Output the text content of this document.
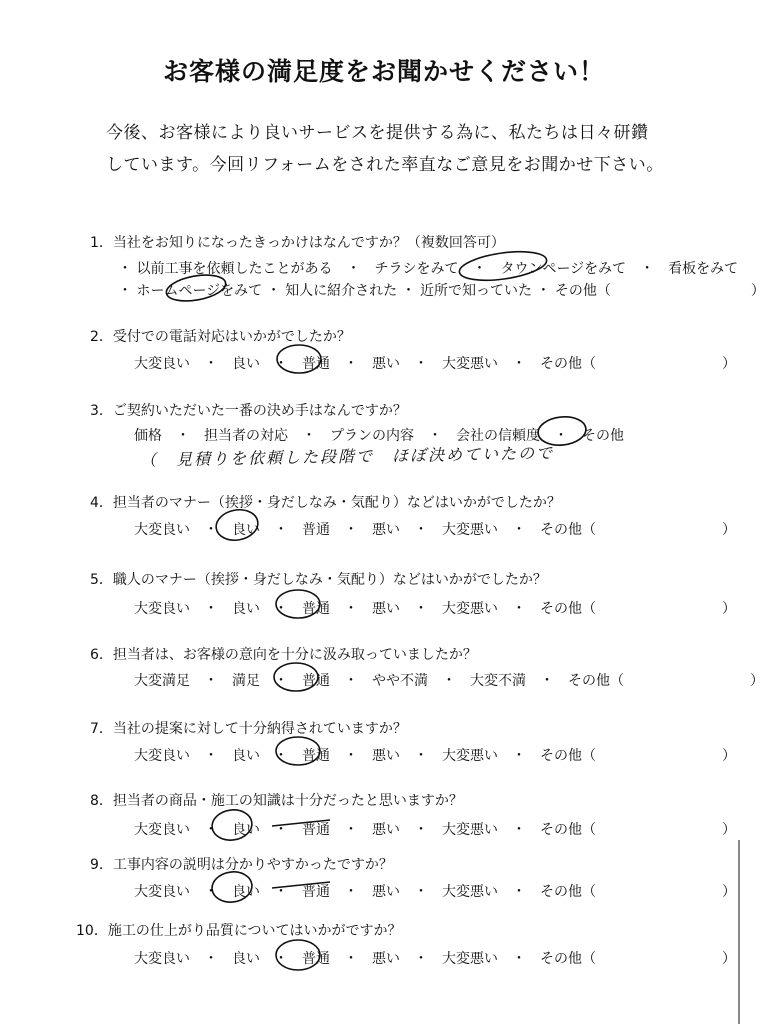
お客様の満足度をお聞かせください！
今後、お客様により良いサービスを提供する為に、私たちは日々研鑽
しています。今回リフォームをされた率直なご意見をお聞かせ下さい。
1．当社をお知りになったきっかけはなんですか？（複数回答可）
・ 以前工事を依頼したことがある　・　チラシをみて　・　タウンページをみて　・　看板をみて
・ ホームページをみて ・ 知人に紹介された ・ 近所で知っていた ・ その他（　　　　　　　　　　）
2．受付での電話対応はいかがでしたか？
大変良い　・　良い　・　普通　・　悪い　・　大変悪い　・　その他（　　　　　　　　　）
3．ご契約いただいた一番の決め手はなんですか？
価格　・　担当者の対応　・　プランの内容　・　会社の信頼度　・　その他
（　見積りを依頼した段階で　ほぼ決めていたので
4．担当者のマナー（挨拶・身だしなみ・気配り）などはいかがでしたか？
大変良い　・　良い　・　普通　・　悪い　・　大変悪い　・　その他（　　　　　　　　　）
5．職人のマナー（挨拶・身だしなみ・気配り）などはいかがでしたか？
大変良い　・　良い　・　普通　・　悪い　・　大変悪い　・　その他（　　　　　　　　　）
6．担当者は、お客様の意向を十分に汲み取っていましたか？
大変満足　・　満足　・　普通　・　やや不満　・　大変不満　・　その他（　　　　　　　　　）
7．当社の提案に対して十分納得されていますか？
大変良い　・　良い　・　普通　・　悪い　・　大変悪い　・　その他（　　　　　　　　　）
8．担当者の商品・施工の知識は十分だったと思いますか？
大変良い　・　良い　・　普通　・　悪い　・　大変悪い　・　その他（　　　　　　　　　）
9．工事内容の説明は分かりやすかったですか？
大変良い　・　良い　・　普通　・　悪い　・　大変悪い　・　その他（　　　　　　　　　）
10．施工の仕上がり品質についてはいかがですか？
大変良い　・　良い　・　普通　・　悪い　・　大変悪い　・　その他（　　　　　　　　　）
